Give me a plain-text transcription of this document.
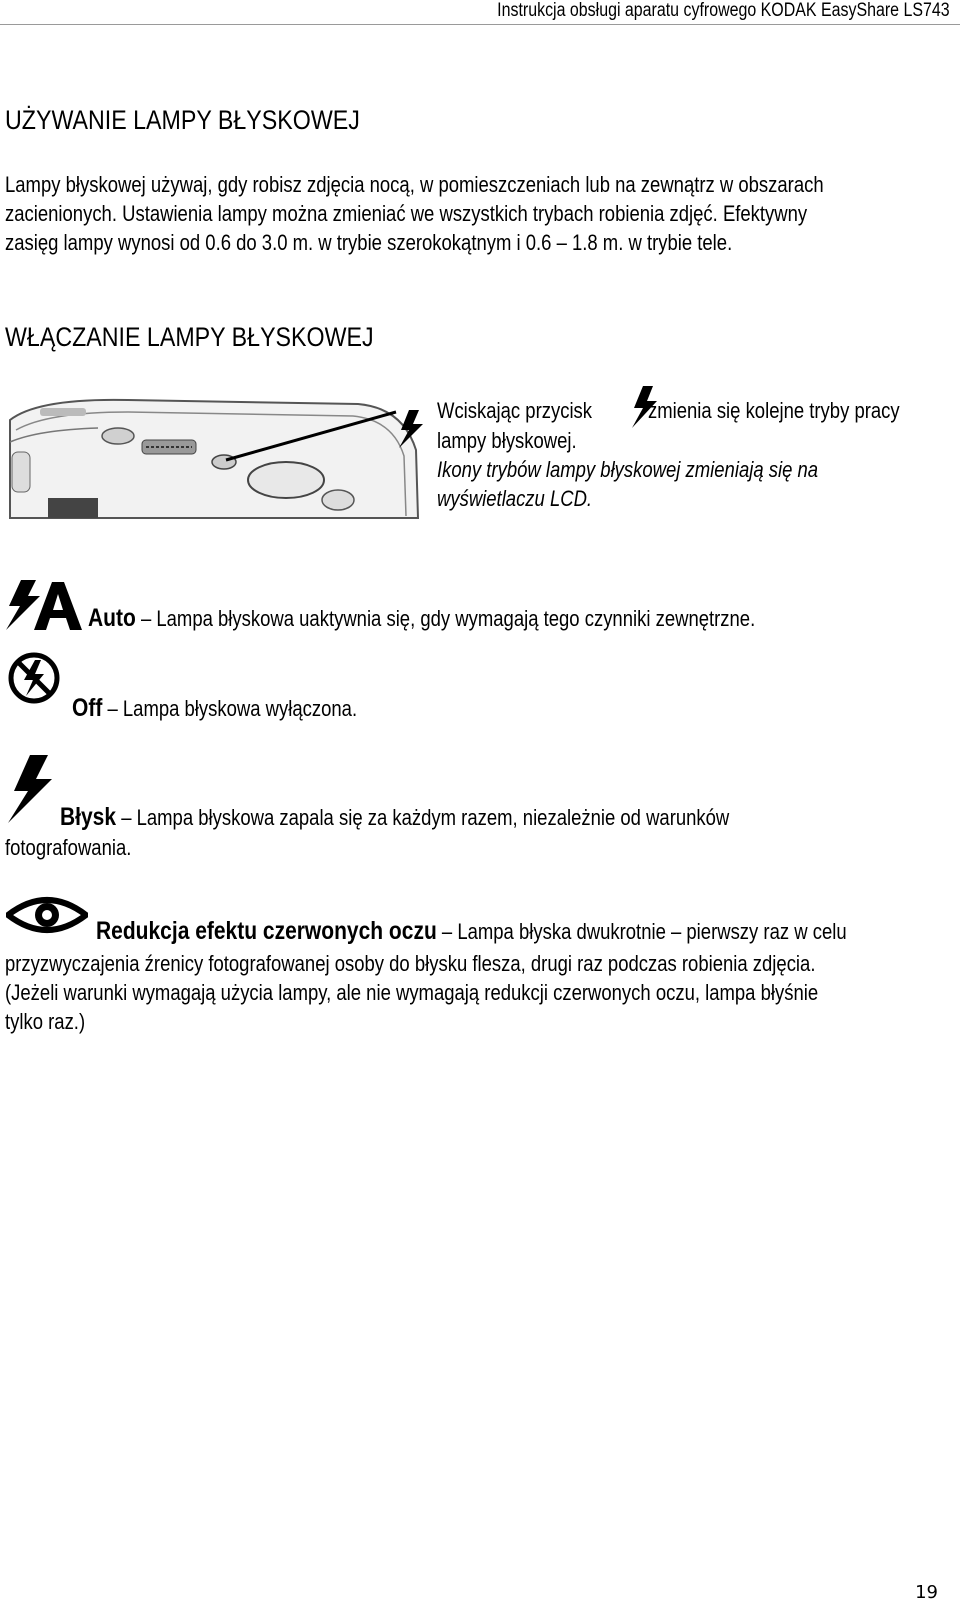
Instrukcja obsługi aparatu cyfrowego KODAK EasyShare LS743
UŻYWANIE LAMPY BŁYSKOWEJ
Lampy błyskowej używaj, gdy robisz zdjęcia nocą, w pomieszczeniach lub na zewnątrz w obszarach
zacienionych. Ustawienia lampy można zmieniać we wszystkich trybach robienia zdjęć. Efektywny
zasięg lampy wynosi od 0.6 do 3.0 m. w trybie szerokokątnym i 0.6 – 1.8 m. w trybie tele.
WŁĄCZANIE LAMPY BŁYSKOWEJ
Wciskając przycisk	zmienia się kolejne tryby pracy
lampy błyskowej.
Ikony trybów lampy błyskowej zmieniają się na
wyświetlaczu LCD.
Auto – Lampa błyskowa uaktywnia się, gdy wymagają tego czynniki zewnętrzne.
Off – Lampa błyskowa wyłączona.
Błysk – Lampa błyskowa zapala się za każdym razem, niezależnie od warunków
fotografowania.
Redukcja efektu czerwonych oczu – Lampa błyska dwukrotnie – pierwszy raz w celu
przyzwyczajenia źrenicy fotografowanej osoby do błysku flesza, drugi raz podczas robienia zdjęcia.
(Jeżeli warunki wymagają użycia lampy, ale nie wymagają redukcji czerwonych oczu, lampa błyśnie
tylko raz.)
19
